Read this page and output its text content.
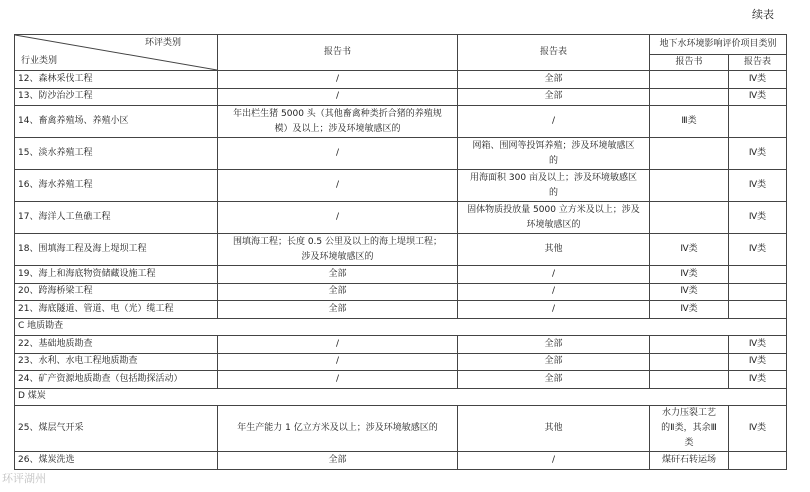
续表
环评类别
行业类别	报告书	报告表	地下水环境影响评价项目类别	
			报告书	报告表
12、森林采伐工程	/	全部		Ⅳ类
13、防沙治沙工程	/	全部		Ⅳ类
14、畜禽养殖场、养殖小区	年出栏生猪 5000 头（其他畜禽种类折合猪的养殖规
模）及以上；涉及环境敏感区的	/	Ⅲ类	
15、淡水养殖工程	/	网箱、围网等投饵养殖；涉及环境敏感区
的		Ⅳ类
16、海水养殖工程	/	用海面积 300 亩及以上；涉及环境敏感区
的		Ⅳ类
17、海洋人工鱼礁工程	/	固体物质投放量 5000 立方米及以上；涉及
环境敏感区的		Ⅳ类
18、围填海工程及海上堤坝工程	围填海工程；长度 0.5 公里及以上的海上堤坝工程；
涉及环境敏感区的	其他	Ⅳ类	Ⅳ类
19、海上和海底物资储藏设施工程	全部	/	Ⅳ类	
20、跨海桥梁工程	全部	/	Ⅳ类	
21、海底隧道、管道、电（光）缆工程	全部	/	Ⅳ类	
C 地质勘查				
22、基础地质勘查	/	全部		Ⅳ类
23、水利、水电工程地质勘查	/	全部		Ⅳ类
24、矿产资源地质勘查（包括勘探活动）	/	全部		Ⅳ类
D 煤炭				
25、煤层气开采	年生产能力 1 亿立方米及以上；涉及环境敏感区的	其他	水力压裂工艺
的Ⅱ类，其余Ⅲ
类	Ⅳ类
26、煤炭洗选	全部	/	煤矸石转运场	
环评湖州
